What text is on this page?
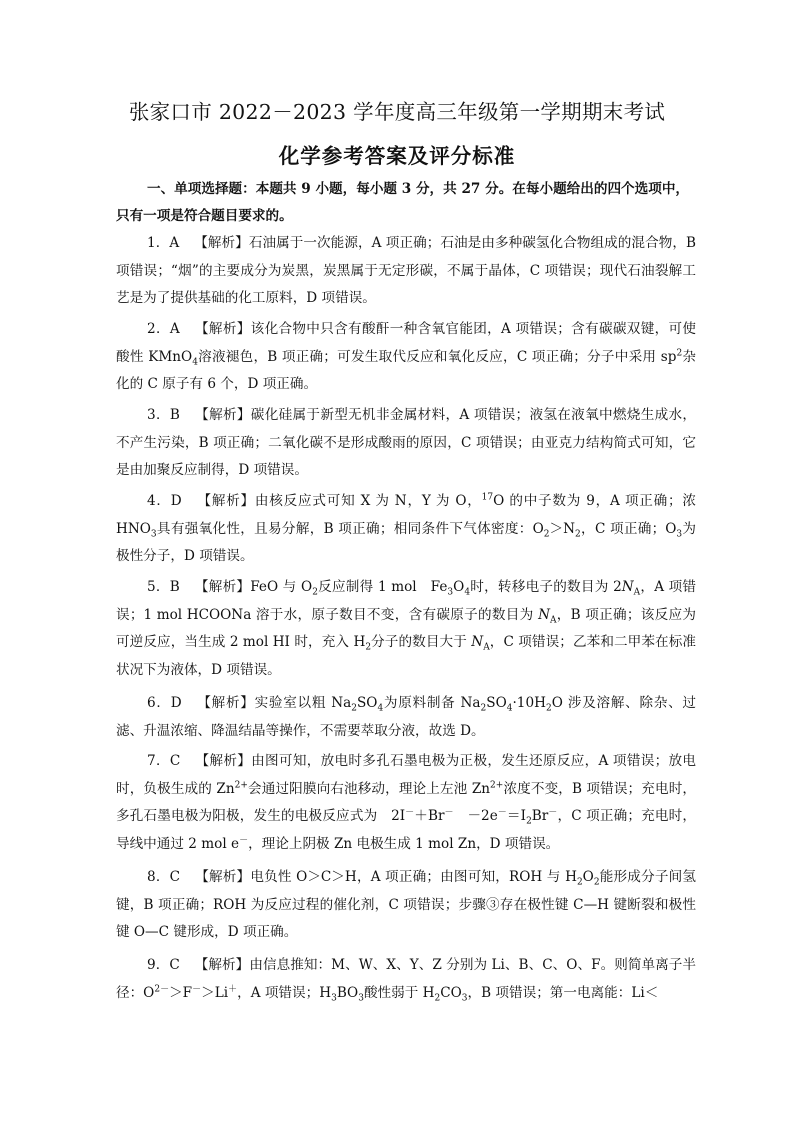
张家口市 2022－2023 学年度高三年级第一学期期末考试
化学参考答案及评分标准
一、单项选择题：本题共 9 小题，每小题 3 分，共 27 分。在每小题给出的四个选项中，只有一项是符合题目要求的。
1．A 【解析】石油属于一次能源，A 项正确；石油是由多种碳氢化合物组成的混合物，B 项错误；“烟”的主要成分为炭黑，炭黑属于无定形碳，不属于晶体，C 项错误；现代石油裂解工艺是为了提供基础的化工原料，D 项错误。
2．A 【解析】该化合物中只含有酸酐一种含氧官能团，A 项错误；含有碳碳双键，可使酸性 KMnO$_4$溶液褪色，B 项正确；可发生取代反应和氧化反应，C 项正确；分子中采用 $sp^2$杂化的 C 原子有 6 个，D 项正确。
3．B 【解析】碳化硅属于新型无机非金属材料，A 项错误；液氢在液氧中燃烧生成水，不产生污染，B 项正确；二氧化碳不是形成酸雨的原因，C 项错误；由亚克力结构简式可知，它是由加聚反应制得，D 项错误。
4．D 【解析】由核反应式可知 X 为 N，Y 为 O，$^{17}$O 的中子数为 9，A 项正确；浓 $HNO_3$具有强氧化性，且易分解，B 项正确；相同条件下气体密度：$O_2>N_2$，C 项正确；$O_3$为极性分子，D 项错误。
5．B 【解析】FeO 与 $O_2$反应制得 1 mol　$Fe_3O_4$时，转移电子的数目为 $2N_A$，A 项错误；1 mol HCOONa 溶于水，原子数目不变，含有碳原子的数目为 $N_A$，B 项正确；该反应为可逆反应，当生成 2 mol HI 时，充入 $H_2$分子的数目大于 $N_A$，C 项错误；乙苯和二甲苯在标准状况下为液体，D 项错误。
6．D 【解析】实验室以粗 $Na_2SO_4$为原料制备 $Na_2SO_4\cdot 10H_2O$ 涉及溶解、除杂、过滤、升温浓缩、降温结晶等操作，不需要萃取分液，故选 D。
7．C 【解析】由图可知，放电时多孔石墨电极为正极，发生还原反应，A 项错误；放电时，负极生成的 $Zn^{2+}$会通过阳膜向右池移动，理论上左池 $Zn^{2+}$浓度不变，B 项错误；充电时，多孔石墨电极为阳极，发生的电极反应式为　2I－＋Br－　$-2e^-=I_2Br^-$，C 项正确；充电时，导线中通过 2 mol e－，理论上阴极 Zn 电极生成 1 mol Zn，D 项错误。
8．C 【解析】电负性 O＞C＞H，A 项正确；由图可知，ROH 与 $H_2O_2$能形成分子间氢键，B 项正确；ROH 为反应过程的催化剂，C 项错误；步骤③存在极性键 C—H 键断裂和极性键 O—C 键形成，D 项正确。
9．C 【解析】由信息推知：M、W、X、Y、Z 分别为 Li、B、C、O、F。则简单离子半径：$O^{2-}>F^->Li^+$，A 项错误；$H_3BO_3$酸性弱于 $H_2CO_3$，B 项错误；第一电离能：Li＜
